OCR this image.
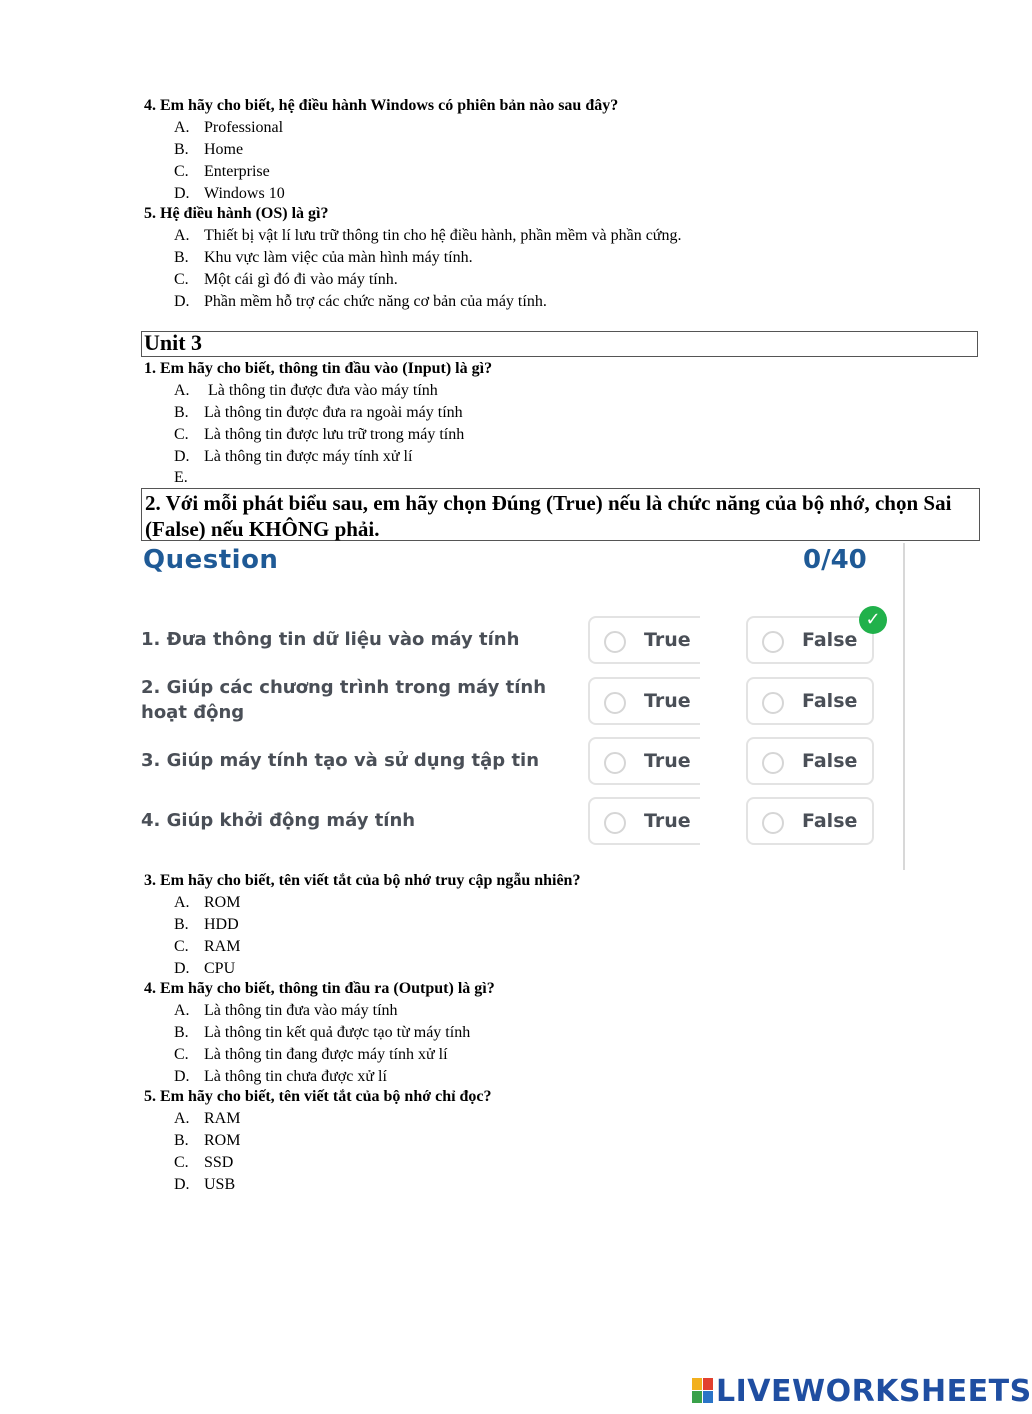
4. Em hãy cho biết, hệ điều hành Windows có phiên bản nào sau đây?
A. Professional
B. Home
C. Enterprise
D. Windows 10
5. Hệ điều hành (OS) là gì?
A. Thiết bị vật lí lưu trữ thông tin cho hệ điều hành, phần mềm và phần cứng.
B. Khu vực làm việc của màn hình máy tính.
C. Một cái gì đó đi vào máy tính.
D. Phần mềm hỗ trợ các chức năng cơ bản của máy tính.
Unit 3
1. Em hãy cho biết, thông tin đầu vào (Input) là gì?
A. Là thông tin được đưa vào máy tính
B. Là thông tin được đưa ra ngoài máy tính
C. Là thông tin được lưu trữ trong máy tính
D. Là thông tin được máy tính xử lí
E.
2. Với mỗi phát biểu sau, em hãy chọn Đúng (True) nếu là chức năng của bộ nhớ, chọn Sai (False) nếu KHÔNG phải.
Question	0/40
1. Đưa thông tin dữ liệu vào máy tính	True	False
✓
2. Giúp các chương trình trong máy tính hoạt động
True	False
3. Giúp máy tính tạo và sử dụng tập tin	True	False
4. Giúp khởi động máy tính	True	False
3. Em hãy cho biết, tên viết tắt của bộ nhớ truy cập ngẫu nhiên?
A. ROM
B. HDD
C. RAM
D. CPU
4. Em hãy cho biết, thông tin đầu ra (Output) là gì?
A. Là thông tin đưa vào máy tính
B. Là thông tin kết quả được tạo từ máy tính
C. Là thông tin đang được máy tính xử lí
D. Là thông tin chưa được xử lí
5. Em hãy cho biết, tên viết tắt của bộ nhớ chỉ đọc?
A. RAM
B. ROM
C. SSD
D. USB
LIVEWORKSHEETS
